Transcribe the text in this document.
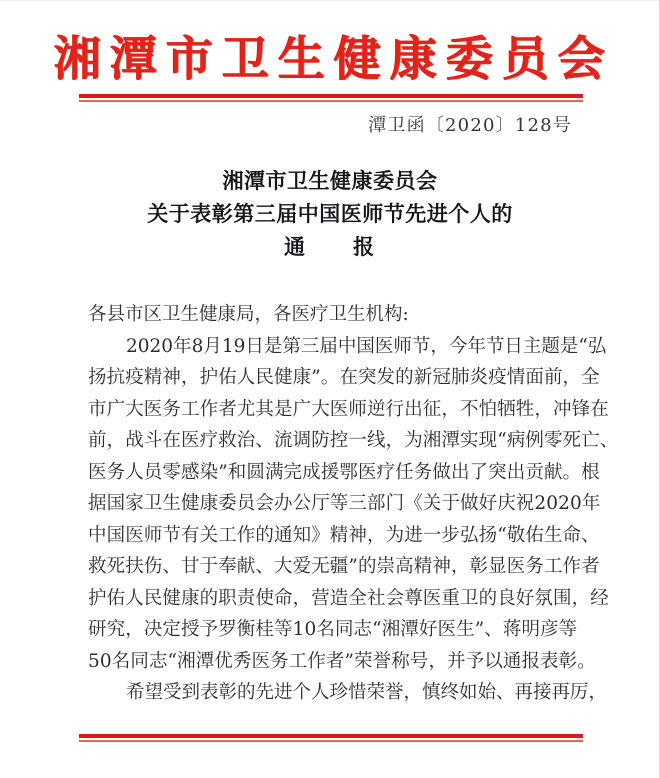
湘潭市卫生健康委员会
潭卫函〔2020〕128号
湘潭市卫生健康委员会
关于表彰第三届中国医师节先进个人的
通　　报
各县市区卫生健康局，各医疗卫生机构:
2020年8月19日是第三届中国医师节，今年节日主题是“弘
扬抗疫精神，护佑人民健康”。在突发的新冠肺炎疫情面前，全
市广大医务工作者尤其是广大医师逆行出征，不怕牺牲，冲锋在
前，战斗在医疗救治、流调防控一线，为湘潭实现“病例零死亡、
医务人员零感染”和圆满完成援鄂医疗任务做出了突出贡献。根
据国家卫生健康委员会办公厅等三部门《关于做好庆祝2020年
中国医师节有关工作的通知》精神，为进一步弘扬“敬佑生命、
救死扶伤、甘于奉献、大爱无疆”的崇高精神，彰显医务工作者
护佑人民健康的职责使命，营造全社会尊医重卫的良好氛围，经
研究，决定授予罗衡桂等10名同志“湘潭好医生”、蒋明彦等
50名同志“湘潭优秀医务工作者”荣誉称号，并予以通报表彰。
希望受到表彰的先进个人珍惜荣誉，慎终如始、再接再厉，
